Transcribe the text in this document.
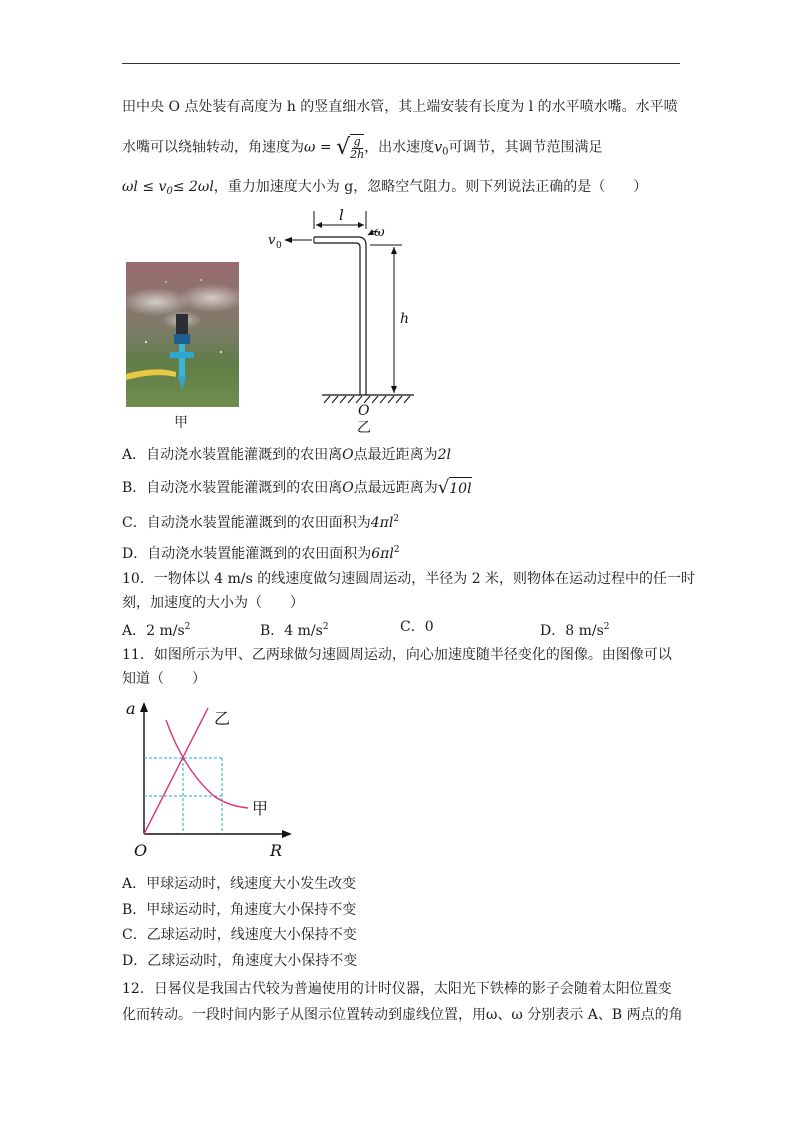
田中央 O 点处装有高度为 h 的竖直细水管，其上端安装有长度为 l 的水平喷水嘴。水平喷
水嘴可以绕轴转动，角速度为ω = √ $\frac{g}{2h}$ ，出水速度$v_0$可调节，其调节范围满足
$\omega l \le v_0\le 2\omega l$，重力加速度大小为 g，忽略空气阻力。则下列说法正确的是（　　）
甲
l
ω
v 0
h
O
乙
A．自动浇水装置能灌溉到的农田离O点最近距离为2l
B．自动浇水装置能灌溉到的农田离O点最远距离为 √ 10l
C．自动浇水装置能灌溉到的农田面积为$4\pi l^2$
D．自动浇水装置能灌溉到的农田面积为$6\pi l^2$
10．一物体以 4 m/s 的线速度做匀速圆周运动，半径为 2 米，则物体在运动过程中的任一时
刻，加速度的大小为（　　）
A．2 $m/s^2$	B．4 $m/s^2$	C．0	D．8 $m/s^2$
11．如图所示为甲、乙两球做匀速圆周运动，向心加速度随半径变化的图像。由图像可以
知道（　　）
a
R
O
乙
甲
A．甲球运动时，线速度大小发生改变
B．甲球运动时，角速度大小保持不变
C．乙球运动时，线速度大小保持不变
D．乙球运动时，角速度大小保持不变
12．日晷仪是我国古代较为普遍使用的计时仪器，太阳光下铁棒的影子会随着太阳位置变
化而转动。一段时间内影子从图示位置转动到虚线位置，用ω、ω 分别表示 A、B 两点的角
